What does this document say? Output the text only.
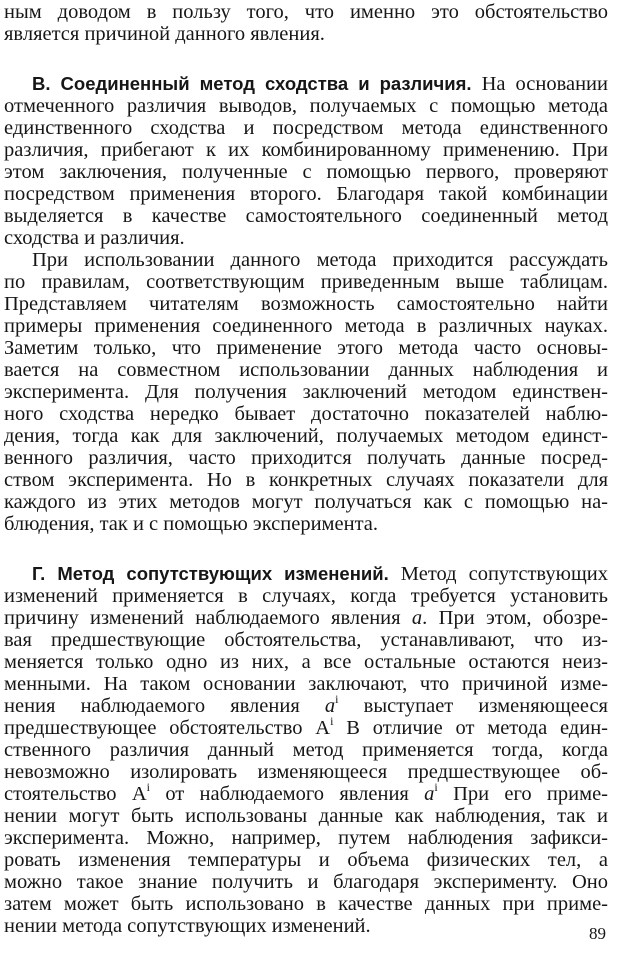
ным доводом в пользу того, что именно это обстоятельство
является причиной данного явления.
В. Соединенный метод сходства и различия. На основании
отмеченного различия выводов, получаемых с помощью метода
единственного сходства и посредством метода единственного
различия, прибегают к их комбинированному применению. При
этом заключения, полученные с помощью первого, проверяют
посредством применения второго. Благодаря такой комбинации
выделяется в качестве самостоятельного соединенный метод
сходства и различия.
При использовании данного метода приходится рассуждать
по правилам, соответствующим приведенным выше таблицам.
Представляем читателям возможность самостоятельно найти
примеры применения соединенного метода в различных науках.
Заметим только, что применение этого метода часто основы-
вается на совместном использовании данных наблюдения и
эксперимента. Для получения заключений методом единствен-
ного сходства нередко бывает достаточно показателей наблю-
дения, тогда как для заключений, получаемых методом единст-
венного различия, часто приходится получать данные посред-
ством эксперимента. Но в конкретных случаях показатели для
каждого из этих методов могут получаться как с помощью на-
блюдения, так и с помощью эксперимента.
Г. Метод сопутствующих изменений. Метод сопутствующих
изменений применяется в случаях, когда требуется установить
причину изменений наблюдаемого явления a. При этом, обозре-
вая предшествующие обстоятельства, устанавливают, что из-
меняется только одно из них, а все остальные остаются неиз-
менными. На таком основании заключают, что причиной изме-
нения наблюдаемого явления $a^i$ выступает изменяющееся
предшествующее обстоятельство $A^i$ В отличие от метода един-
ственного различия данный метод применяется тогда, когда
невозможно изолировать изменяющееся предшествующее об-
стоятельство $A^i$ от наблюдаемого явления $a^i$ При его приме-
нении могут быть использованы данные как наблюдения, так и
эксперимента. Можно, например, путем наблюдения зафикси-
ровать изменения температуры и объема физических тел, а
можно такое знание получить и благодаря эксперименту. Оно
затем может быть использовано в качестве данных при приме-
нении метода сопутствующих изменений.	89
